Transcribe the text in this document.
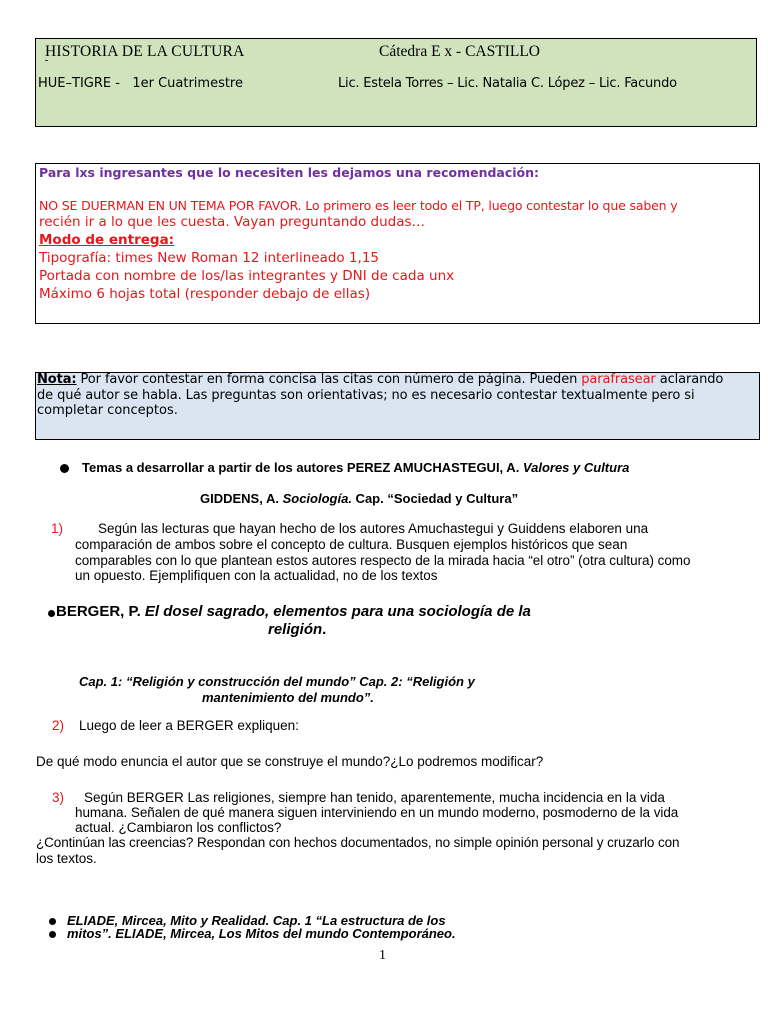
HISTORIA DE LA CULTURA	Cátedra E x - CASTILLO
HUE–TIGRE -   1er Cuatrimestre	Lic. Estela Torres – Lic. Natalia C. López – Lic. Facundo
Para lxs ingresantes que lo necesiten les dejamos una recomendación:
NO SE DUERMAN EN UN TEMA POR FAVOR. Lo primero es leer todo el TP, luego contestar lo que saben y
recién ir a lo que les cuesta. Vayan preguntando dudas…
Modo de entrega:
Tipografía: times New Roman 12 interlineado 1,15
Portada con nombre de los/las integrantes y DNI de cada unx
Máximo 6 hojas total (responder debajo de ellas)
Nota: Por favor contestar en forma concisa las citas con número de página. Pueden parafrasear aclarando
de qué autor se habla. Las preguntas son orientativas; no es necesario contestar textualmente pero si
completar conceptos.
Temas a desarrollar a partir de los autores PEREZ AMUCHASTEGUI, A. Valores y Cultura
GIDDENS, A. Sociología. Cap. “Sociedad y Cultura”
1)	Según las lecturas que hayan hecho de los autores Amuchastegui y Guiddens elaboren una
comparación de ambos sobre el concepto de cultura. Busquen ejemplos históricos que sean
comparables con lo que plantean estos autores respecto de la mirada hacia “el otro” (otra cultura) como
un opuesto. Ejemplifiquen con la actualidad, no de los textos
BERGER, P. El dosel sagrado, elementos para una sociología de la
religión.
Cap. 1: “Religión y construcción del mundo” Cap. 2: “Religión y
mantenimiento del mundo”.
2) Luego de leer a BERGER expliquen:
De qué modo enuncia el autor que se construye el mundo?¿Lo podremos modificar?
3) Según BERGER Las religiones, siempre han tenido, aparentemente, mucha incidencia en la vida
humana. Señalen de qué manera siguen interviniendo en un mundo moderno, posmoderno de la vida
actual. ¿Cambiaron los conflictos?
¿Continúan las creencias? Respondan con hechos documentados, no simple opinión personal y cruzarlo con
los textos.
ELIADE, Mircea, Mito y Realidad. Cap. 1 “La estructura de los
mitos”. ELIADE, Mircea, Los Mitos del mundo Contemporáneo.
1
